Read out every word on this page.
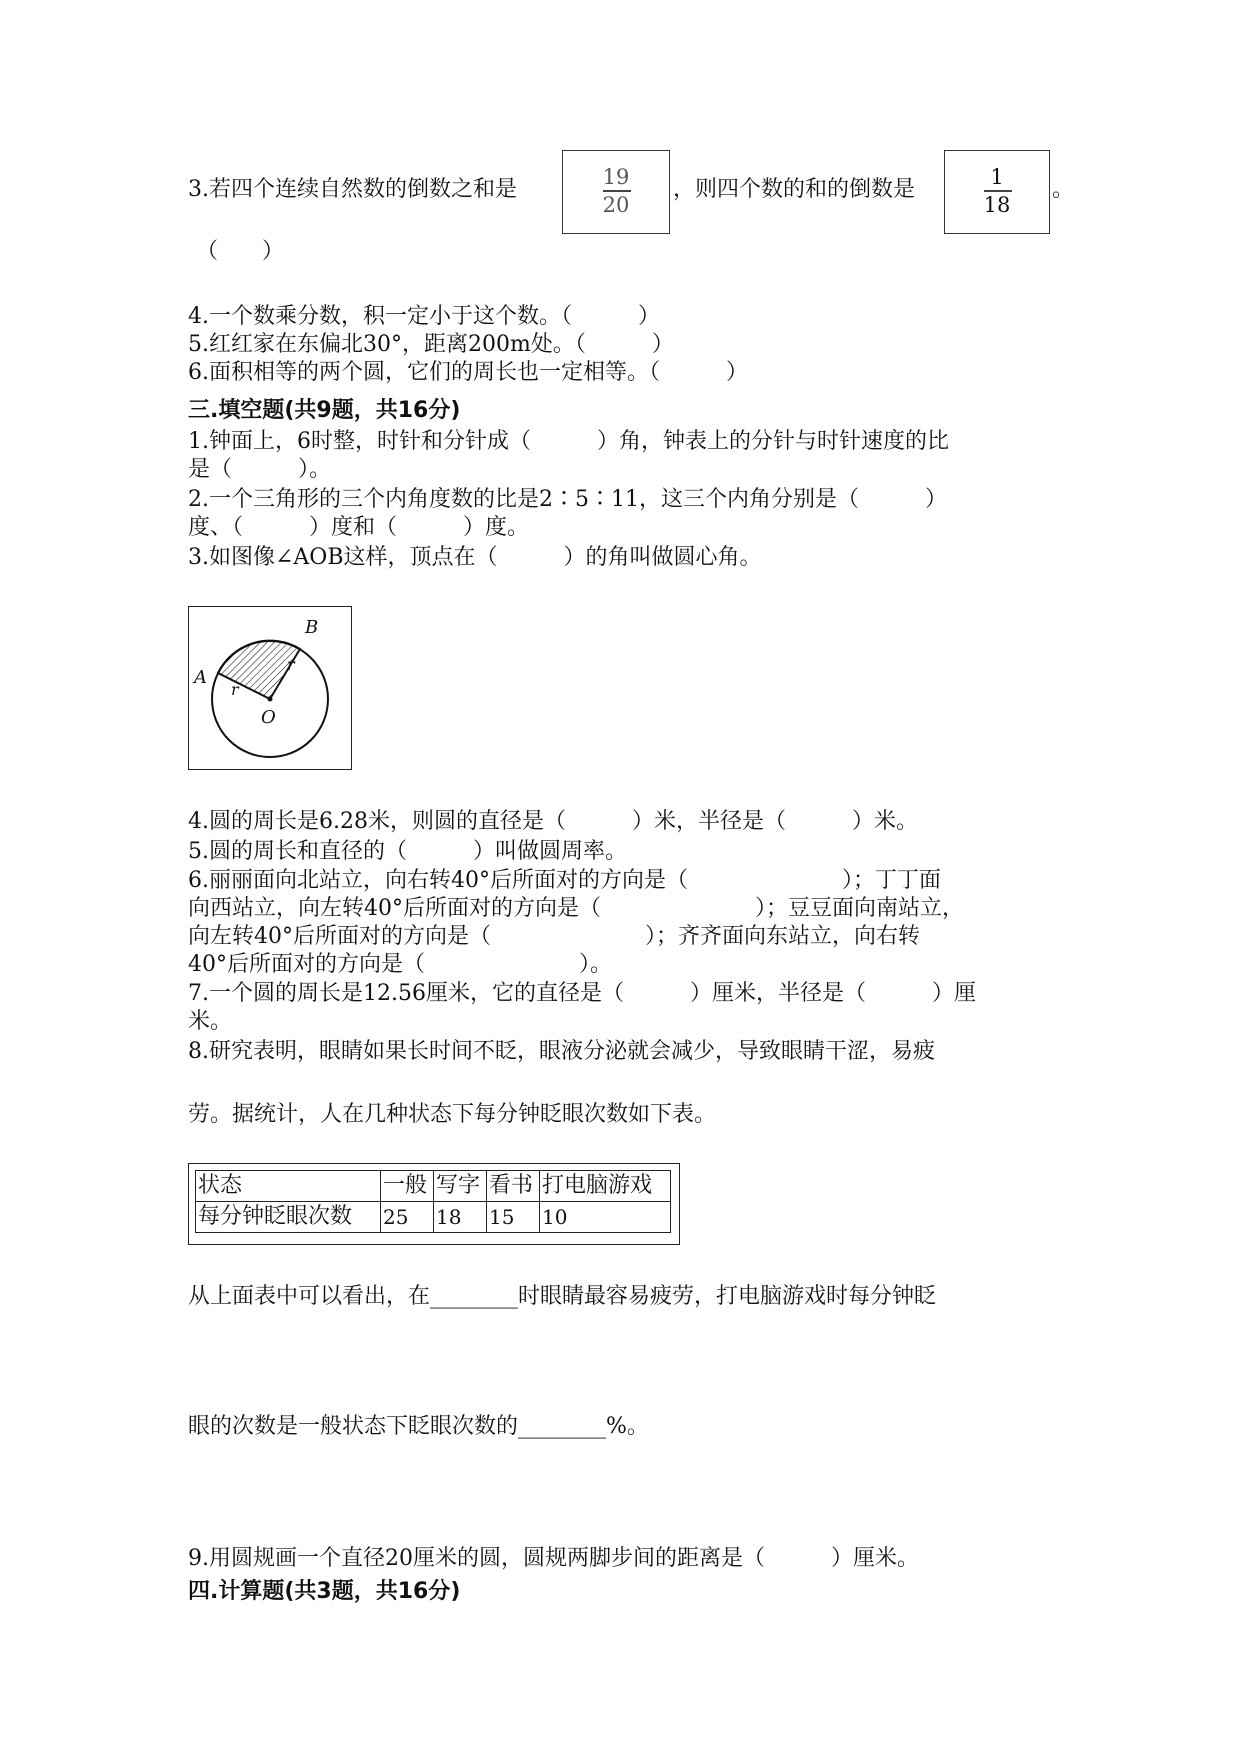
3.若四个连续自然数的倒数之和是	19
20
，则四个数的和的倒数是	1
18
。
（　　）
4.一个数乘分数，积一定小于这个数。（　　　）
5.红红家在东偏北30°，距离200m处。（　　　）
6.面积相等的两个圆，它们的周长也一定相等。（　　　）
三.填空题(共9题，共16分)
1.钟面上，6时整，时针和分针成（　　　）角，钟表上的分针与时针速度的比
是（　　　）。
2.一个三角形的三个内角度数的比是2∶5∶11，这三个内角分别是（　　　）
度、（　　　）度和（　　　）度。
3.如图像∠AOB这样，顶点在（　　　）的角叫做圆心角。
A
B
O
r
r
4.圆的周长是6.28米，则圆的直径是（　　　）米，半径是（　　　）米。
5.圆的周长和直径的（　　　）叫做圆周率。
6.丽丽面向北站立，向右转40°后所面对的方向是（　　　　　　　）；丁丁面
向西站立，向左转40°后所面对的方向是（　　　　　　　）；豆豆面向南站立，
向左转40°后所面对的方向是（　　　　　　　）；齐齐面向东站立，向右转
40°后所面对的方向是（　　　　　　　）。
7.一个圆的周长是12.56厘米，它的直径是（　　　）厘米，半径是（　　　）厘
米。
8.研究表明，眼睛如果长时间不眨，眼液分泌就会减少，导致眼睛干涩，易疲
劳。据统计，人在几种状态下每分钟眨眼次数如下表。
状态	一般	写字	看书	打电脑游戏
每分钟眨眼次数	25	18	15	10
从上面表中可以看出，在________时眼睛最容易疲劳，打电脑游戏时每分钟眨
眼的次数是一般状态下眨眼次数的________%。
9.用圆规画一个直径20厘米的圆，圆规两脚步间的距离是（　　　）厘米。
四.计算题(共3题，共16分)
